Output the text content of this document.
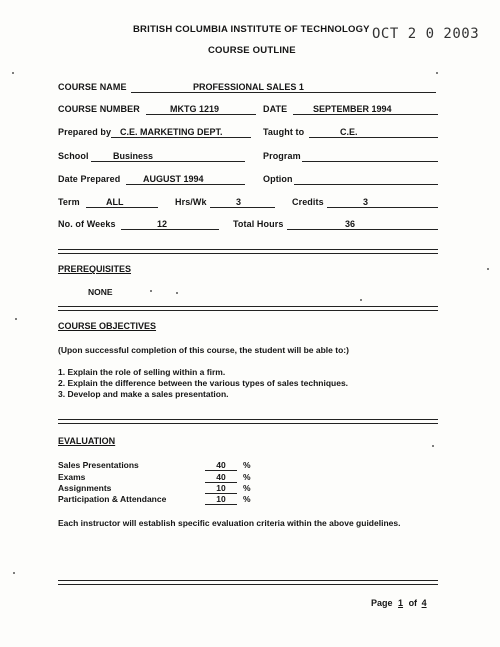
BRITISH COLUMBIA INSTITUTE OF TECHNOLOGY OCT 2 0 2003
COURSE OUTLINE
COURSE NAME	PROFESSIONAL SALES 1
COURSE NUMBER	MKTG 1219	DATE	SEPTEMBER 1994
Prepared by C.E. MARKETING DEPT.	Taught to	C.E.
School	Business	Program
Date Prepared	AUGUST 1994	Option
Term	ALL	Hrs/Wk	3	Credits	3
No. of Weeks	12	Total Hours	36
PREREQUISITES
NONE
COURSE OBJECTIVES
(Upon successful completion of this course, the student will be able to:)
1. Explain the role of selling within a firm.
2. Explain the difference between the various types of sales techniques.
3. Develop and make a sales presentation.
EVALUATION
Sales Presentations	40	%
Exams	40	%
Assignments	10	%
Participation & Attendance	10	%
Each instructor will establish specific evaluation criteria within the above guidelines.
Page 1 of 4
